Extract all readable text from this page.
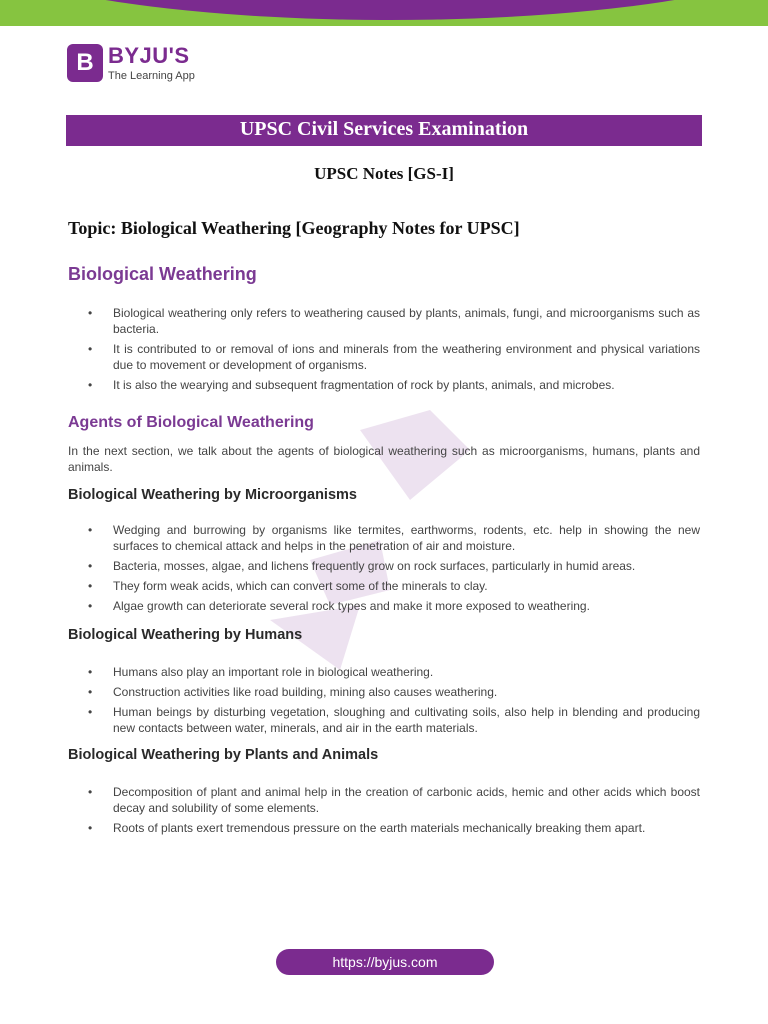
B BYJU'S
The Learning App
UPSC Civil Services Examination
UPSC Notes [GS-I]
Topic: Biological Weathering [Geography Notes for UPSC]
Biological Weathering
• Biological weathering only refers to weathering caused by plants, animals, fungi, and microorganisms such as bacteria.
• It is contributed to or removal of ions and minerals from the weathering environment and physical variations due to movement or development of organisms.
• It is also the wearying and subsequent fragmentation of rock by plants, animals, and microbes.
Agents of Biological Weathering
In the next section, we talk about the agents of biological weathering such as microorganisms, humans, plants and animals.
Biological Weathering by Microorganisms
• Wedging and burrowing by organisms like termites, earthworms, rodents, etc. help in showing the new surfaces to chemical attack and helps in the penetration of air and moisture.
• Bacteria, mosses, algae, and lichens frequently grow on rock surfaces, particularly in humid areas.
• They form weak acids, which can convert some of the minerals to clay.
• Algae growth can deteriorate several rock types and make it more exposed to weathering.
Biological Weathering by Humans
• Humans also play an important role in biological weathering.
• Construction activities like road building, mining also causes weathering.
• Human beings by disturbing vegetation, sloughing and cultivating soils, also help in blending and producing new contacts between water, minerals, and air in the earth materials.
Biological Weathering by Plants and Animals
• Decomposition of plant and animal help in the creation of carbonic acids, hemic and other acids which boost decay and solubility of some elements.
• Roots of plants exert tremendous pressure on the earth materials mechanically breaking them apart.
https://byjus.com
